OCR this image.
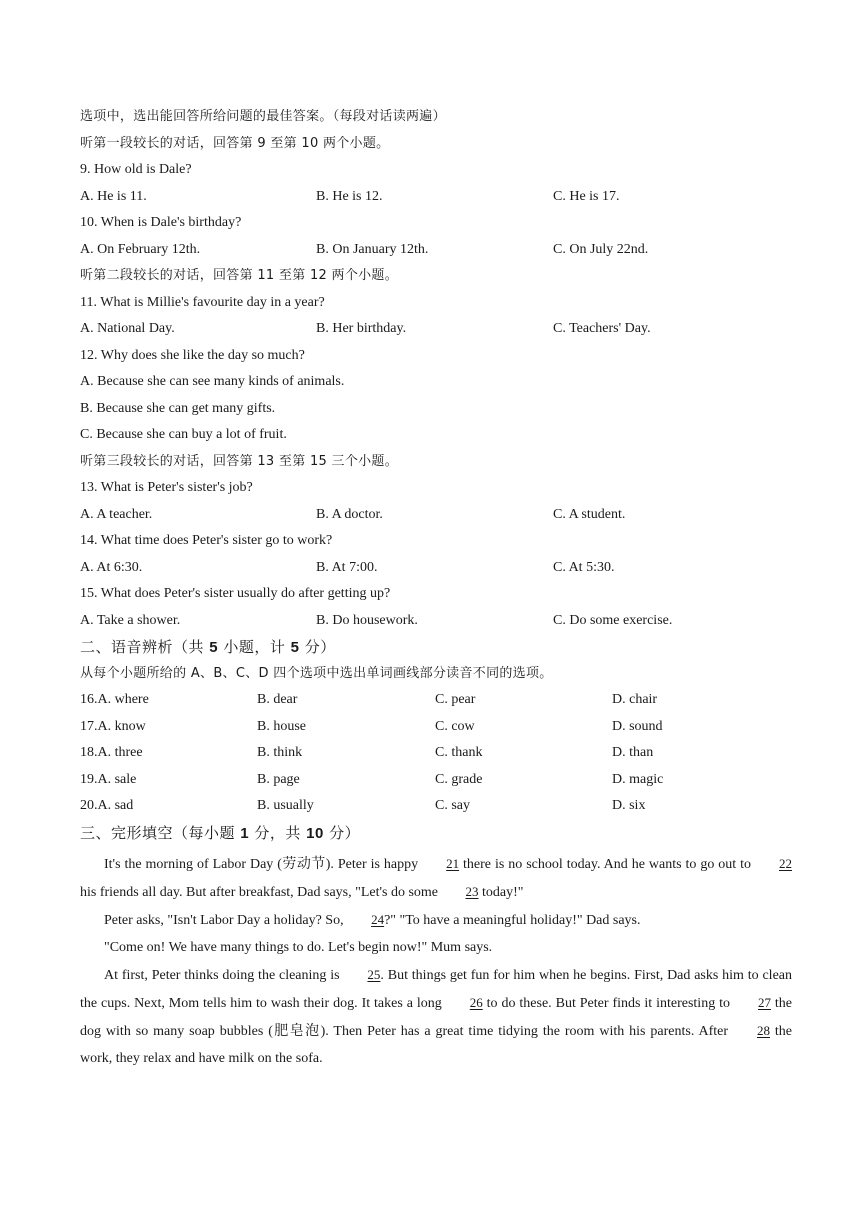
选项中，选出能回答所给问题的最佳答案。（每段对话读两遍）
听第一段较长的对话，回答第 9 至第 10 两个小题。
9. How old is Dale?
A. He is 11.	B. He is 12.	C. He is 17.
10. When is Dale's birthday?
A. On February 12th.	B. On January 12th.	C. On July 22nd.
听第二段较长的对话，回答第 11 至第 12 两个小题。
11. What is Millie's favourite day in a year?
A. National Day.	B. Her birthday.	C. Teachers' Day.
12. Why does she like the day so much?
A. Because she can see many kinds of animals.
B. Because she can get many gifts.
C. Because she can buy a lot of fruit.
听第三段较长的对话，回答第 13 至第 15 三个小题。
13. What is Peter's sister's job?
A. A teacher.	B. A doctor.	C. A student.
14. What time does Peter's sister go to work?
A. At 6:30.	B. At 7:00.	C. At 5:30.
15. What does Peter's sister usually do after getting up?
A. Take a shower.	B. Do housework.	C. Do some exercise.
二、语音辨析（共 5 小题，计 5 分）
从每个小题所给的 A、B、C、D 四个选项中选出单词画线部分读音不同的选项。
16.A. where	B. dear	C. pear	D. chair
17.A. know	B. house	C. cow	D. sound
18.A. three	B. think	C. thank	D. than
19.A. sale	B. page	C. grade	D. magic
20.A. sad	B. usually	C. say	D. six
三、完形填空（每小题 1 分，共 10 分）

It's the morning of Labor Day (劳动节). Peter is happy 21 there is no school today. And he wants to go out to 22 his friends all day. But after breakfast, Dad says, "Let's do some 23 today!"

Peter asks, "Isn't Labor Day a holiday? So, 24?" "To have a meaningful holiday!" Dad says.

"Come on! We have many things to do. Let's begin now!" Mum says.

At first, Peter thinks doing the cleaning is 25. But things get fun for him when he begins. First, Dad asks him to clean the cups. Next, Mom tells him to wash their dog. It takes a long 26 to do these. But Peter finds it interesting to 27 the dog with so many soap bubbles (肥皂泡). Then Peter has a great time tidying the room with his parents. After 28 the work, they relax and have milk on the sofa.
